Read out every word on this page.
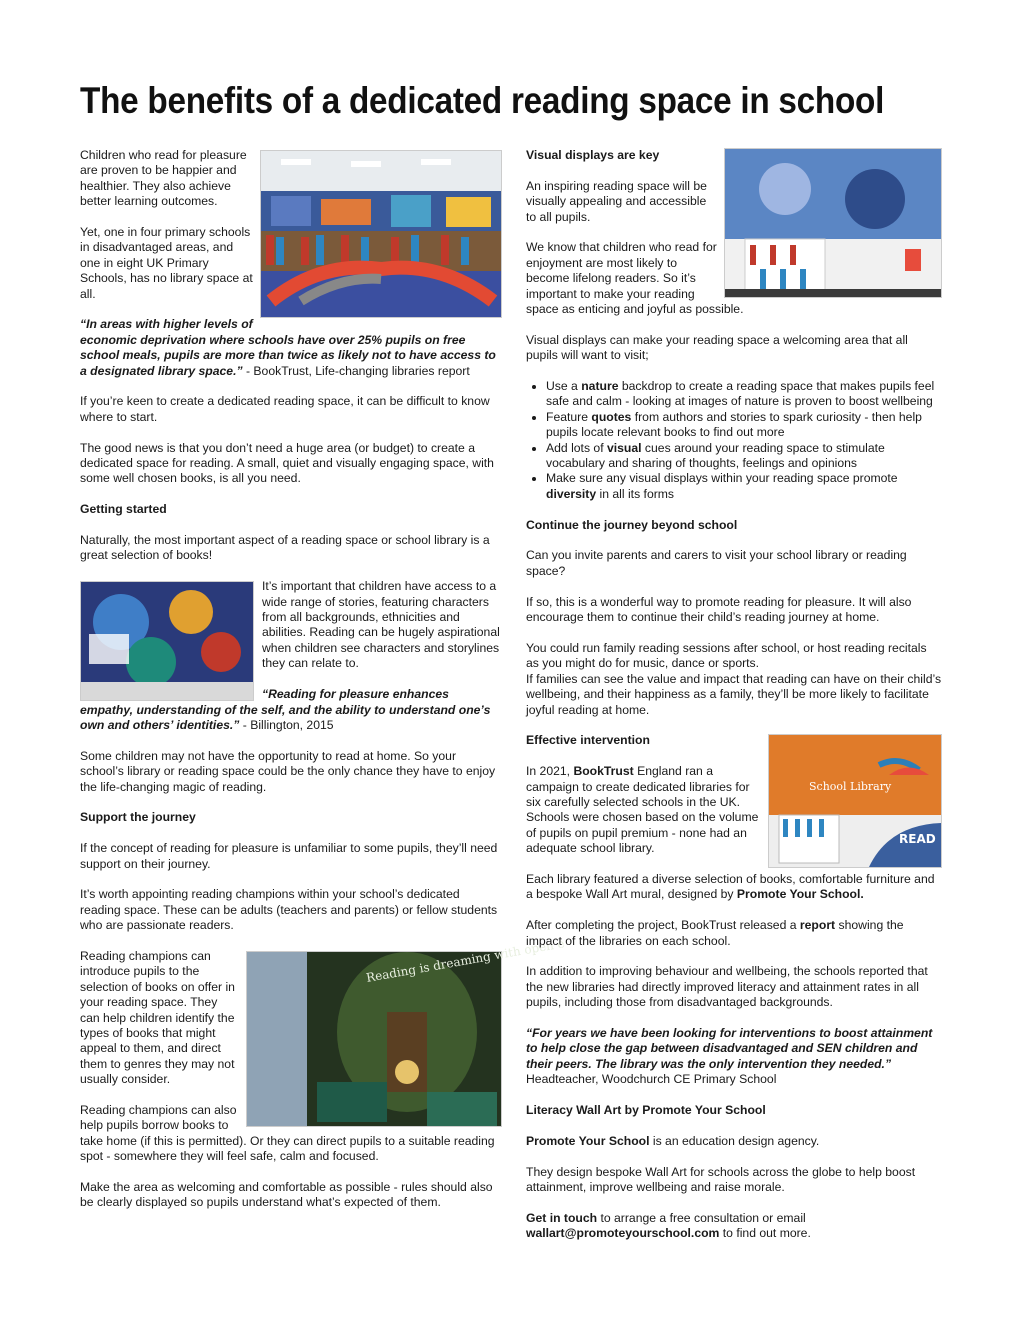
The benefits of a dedicated reading space in school

Children who read for pleasure are proven to be happier and healthier. They also achieve better learning outcomes.

Yet, one in four primary schools in disadvantaged areas, and one in eight UK Primary Schools, has no library space at all.

“In areas with higher levels of economic deprivation where schools have over 25% pupils on free school meals, pupils are more than twice as likely not to have access to a designated library space.” - BookTrust, Life-changing libraries report

If you’re keen to create a dedicated reading space, it can be difficult to know where to start.

The good news is that you don’t need a huge area (or budget) to create a dedicated space for reading. A small, quiet and visually engaging space, with some well chosen books, is all you need.

Getting started

Naturally, the most important aspect of a reading space or school library is a great selection of books!

It’s important that children have access to a wide range of stories, featuring characters from all backgrounds, ethnicities and abilities. Reading can be hugely aspirational when children see characters and storylines they can relate to.

“Reading for pleasure enhances empathy, understanding of the self, and the ability to understand one’s own and others’ identities.” - Billington, 2015

Some children may not have the opportunity to read at home. So your school’s library or reading space could be the only chance they have to enjoy the life-changing magic of reading.

Support the journey

If the concept of reading for pleasure is unfamiliar to some pupils, they’ll need support on their journey.

It’s worth appointing reading champions within your school’s dedicated reading space. These can be adults (teachers and parents) or fellow students who are passionate readers.

Reading is dreaming with open e

Reading champions can introduce pupils to the selection of books on offer in your reading space. They can help children identify the types of books that might appeal to them, and direct them to genres they may not usually consider.

Reading champions can also help pupils borrow books to take home (if this is permitted). Or they can direct pupils to a suitable reading spot - somewhere they will feel safe, calm and focused.

Make the area as welcoming and comfortable as possible - rules should also be clearly displayed so pupils understand what’s expected of them.

Visual displays are key

An inspiring reading space will be visually appealing and accessible to all pupils.

We know that children who read for enjoyment are most likely to become lifelong readers. So it’s important to make your reading space as enticing and joyful as possible.

Visual displays can make your reading space a welcoming area that all pupils will want to visit;

• Use a nature backdrop to create a reading space that makes pupils feel safe and calm - looking at images of nature is proven to boost wellbeing
• Feature quotes from authors and stories to spark curiosity - then help pupils locate relevant books to find out more
• Add lots of visual cues around your reading space to stimulate vocabulary and sharing of thoughts, feelings and opinions
• Make sure any visual displays within your reading space promote diversity in all its forms

Continue the journey beyond school

Can you invite parents and carers to visit your school library or reading space?

If so, this is a wonderful way to promote reading for pleasure. It will also encourage them to continue their child’s reading journey at home.

You could run family reading sessions after school, or host reading recitals as you might do for music, dance or sports.
If families can see the value and impact that reading can have on their child’s wellbeing, and their happiness as a family, they’ll be more likely to facilitate joyful reading at home.

Effective intervention

School Library
READ

In 2021, BookTrust England ran a campaign to create dedicated libraries for six carefully selected schools in the UK. Schools were chosen based on the volume of pupils on pupil premium - none had an adequate school library.

Each library featured a diverse selection of books, comfortable furniture and a bespoke Wall Art mural, designed by Promote Your School.

After completing the project, BookTrust released a report showing the impact of the libraries on each school.

In addition to improving behaviour and wellbeing, the schools reported that the new libraries had directly improved literacy and attainment rates in all pupils, including those from disadvantaged backgrounds.

“For years we have been looking for interventions to boost attainment to help close the gap between disadvantaged and SEN children and their peers. The library was the only intervention they needed.” Headteacher, Woodchurch CE Primary School

Literacy Wall Art by Promote Your School

Promote Your School is an education design agency.

They design bespoke Wall Art for schools across the globe to help boost attainment, improve wellbeing and raise morale.

Get in touch to arrange a free consultation or email wallart@promoteyourschool.com to find out more.
